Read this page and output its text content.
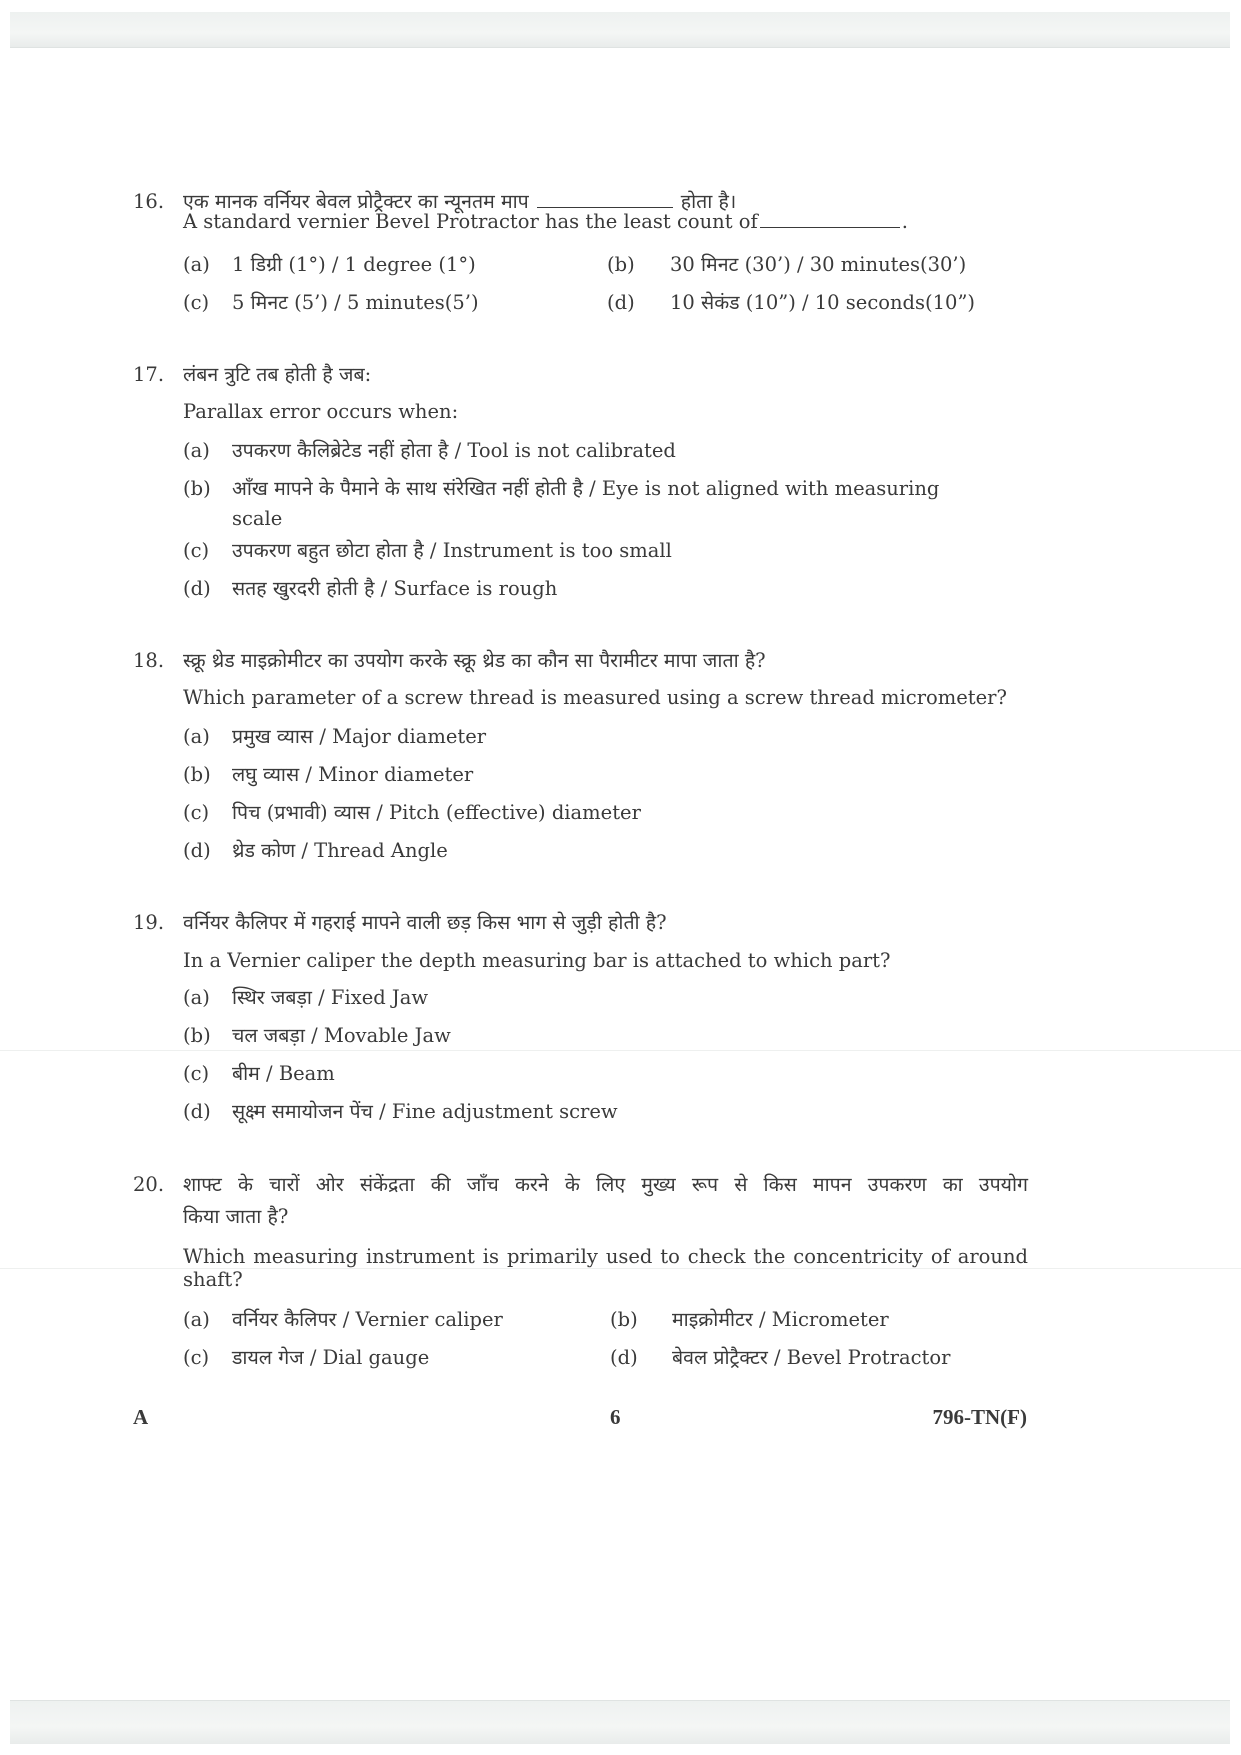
16. एक मानक वर्नियर बेवल प्रोट्रैक्टर का न्यूनतम माप	होता है।
A standard vernier Bevel Protractor has the least count of	.
(a) 1 डिग्री (1°) / 1 degree (1°)	(b) 30 मिनट (30’) / 30 minutes(30’)
(c) 5 मिनट (5’) / 5 minutes(5’)	(d) 10 सेकंड (10”) / 10 seconds(10”)
17. लंबन त्रुटि तब होती है जब:
Parallax error occurs when:
(a) उपकरण कैलिब्रेटेड नहीं होता है / Tool is not calibrated
(b) आँख मापने के पैमाने के साथ संरेखित नहीं होती है / Eye is not aligned with measuring
scale
(c) उपकरण बहुत छोटा होता है / Instrument is too small
(d) सतह खुरदरी होती है / Surface is rough
18. स्क्रू थ्रेड माइक्रोमीटर का उपयोग करके स्क्रू थ्रेड का कौन सा पैरामीटर मापा जाता है?
Which parameter of a screw thread is measured using a screw thread micrometer?
(a) प्रमुख व्यास / Major diameter
(b) लघु व्यास / Minor diameter
(c) पिच (प्रभावी) व्यास / Pitch (effective) diameter
(d) थ्रेड कोण / Thread Angle
19. वर्नियर कैलिपर में गहराई मापने वाली छड़ किस भाग से जुड़ी होती है?
In a Vernier caliper the depth measuring bar is attached to which part?
(a) स्थिर जबड़ा / Fixed Jaw
(b) चल जबड़ा / Movable Jaw
(c) बीम / Beam
(d) सूक्ष्म समायोजन पेंच / Fine adjustment screw
20. शाफ्ट के चारों ओर संकेंद्रता की जाँच करने के लिए मुख्य रूप से किस मापन उपकरण का उपयोग
किया जाता है?
Which measuring instrument is primarily used to check the concentricity of around
shaft?
(a) वर्नियर कैलिपर / Vernier caliper	(b) माइक्रोमीटर / Micrometer
(c) डायल गेज / Dial gauge	(d) बेवल प्रोट्रैक्टर / Bevel Protractor
A	6	796-TN(F)
